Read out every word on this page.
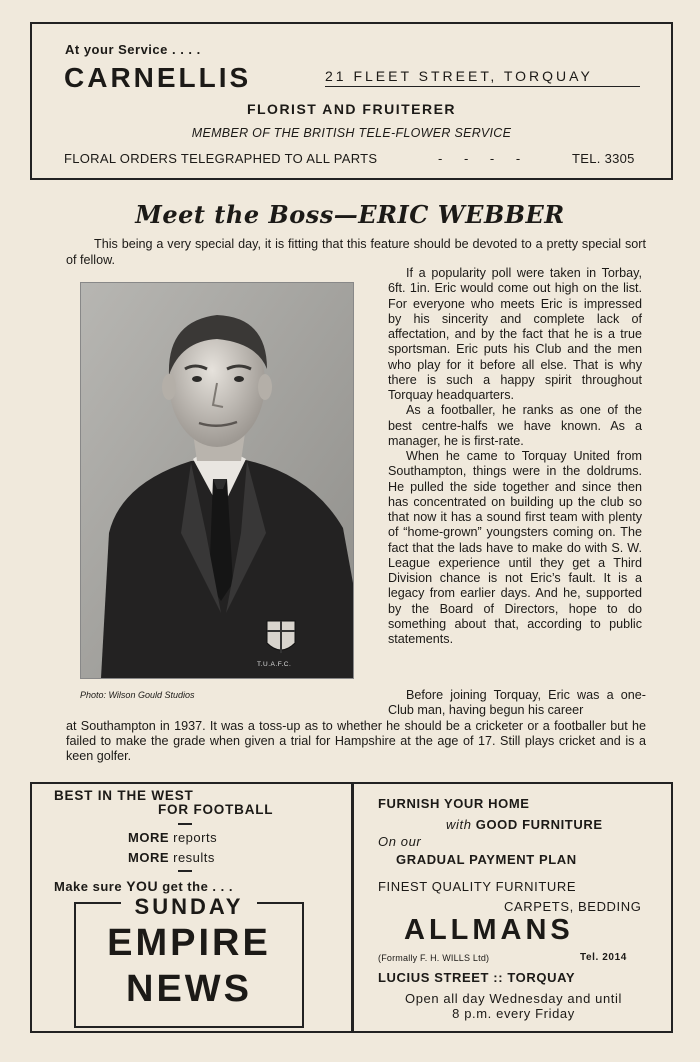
At your Service . . . .
CARNELLIS	21 FLEET STREET, TORQUAY
FLORIST AND FRUITERER
MEMBER OF THE BRITISH TELE-FLOWER SERVICE
FLORAL ORDERS TELEGRAPHED TO ALL PARTS	- - - -	TEL. 3305
Meet the Boss—ERIC WEBBER
This being a very special day, it is fitting that this feature should be devoted to a pretty special sort of fellow.
T.U.A.F.C.
Photo: Wilson Gould Studios

If a popularity poll were taken in Torbay, 6ft. 1in. Eric would come out high on the list. For everyone who meets Eric is impressed by his sincerity and complete lack of affectation, and by the fact that he is a true sportsman. Eric puts his Club and the men who play for it before all else. That is why there is such a happy spirit throughout Torquay headquarters.

As a footballer, he ranks as one of the best centre-halfs we have known. As a manager, he is first-rate.

When he came to Torquay United from Southampton, things were in the doldrums. He pulled the side together and since then has concentrated on building up the club so that now it has a sound first team with plenty of “home-grown” youngsters coming on. The fact that the lads have to make do with S. W. League experience until they get a Third Division chance is not Eric’s fault. It is a legacy from earlier days. And he, supported by the Board of Directors, hope to do something about that, according to public statements.

Before joining Torquay, Eric was a one-Club man, having begun his career

at Southampton in 1937. It was a toss-up as to whether he should be a cricketer or a footballer but he failed to make the grade when given a trial for Hampshire at the age of 17. Still plays cricket and is a keen golfer.

BEST IN THE WEST
FOR FOOTBALL
MORE reports
MORE results
Make sure YOU get the . . .
SUNDAY
EMPIRE
NEWS
FURNISH YOUR HOME
with GOOD FURNITURE
On our
GRADUAL PAYMENT PLAN
FINEST QUALITY FURNITURE
CARPETS, BEDDING
ALLMANS
(Formally F. H. WILLS Ltd)	Tel. 2014
LUCIUS STREET :: TORQUAY
Open all day Wednesday and until
8 p.m. every Friday
